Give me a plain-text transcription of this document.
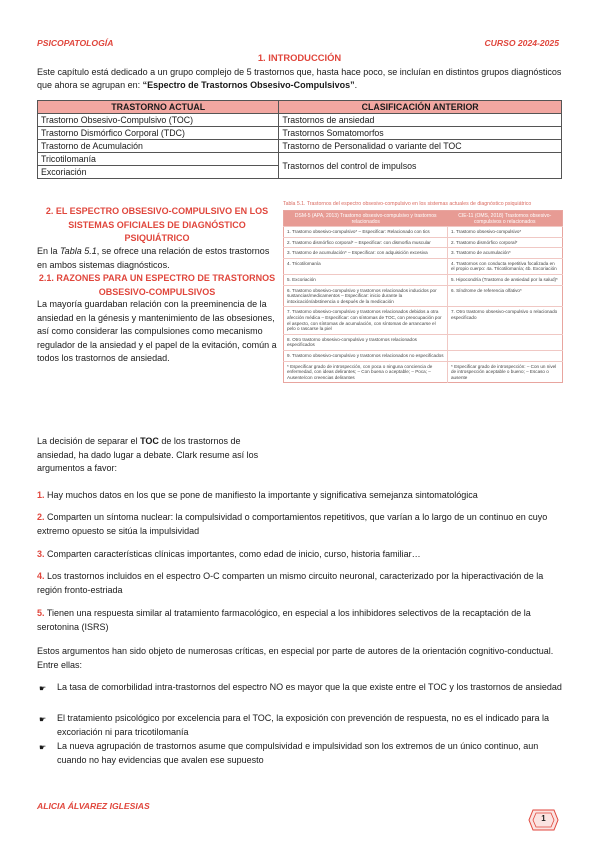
PSICOPATOLOGÍA	CURSO 2024-2025
1. INTRODUCCIÓN

Este capítulo está dedicado a un grupo complejo de 5 trastornos que, hasta hace poco, se incluían en distintos grupos diagnósticos que ahora se agrupan en: “Espectro de Trastornos Obsesivo-Compulsivos”.

TRASTORNO ACTUAL	CLASIFICACIÓN ANTERIOR
Trastorno Obsesivo-Compulsivo (TOC)	Trastornos de ansiedad
Trastorno Dismórfico Corporal (TDC)	Trastornos Somatomorfos
Trastorno de Acumulación	Trastorno de Personalidad o variante del TOC
Tricotilomanía	Trastornos del control de impulsos
Excoriación	
2. EL ESPECTRO OBSESIVO-COMPULSIVO EN LOS SISTEMAS OFICIALES DE DIAGNÓSTICO PSIQUIÁTRICO

En la Tabla 5.1, se ofrece una relación de estos trastornos en ambos sistemas diagnósticos.

2.1. RAZONES PARA UN ESPECTRO DE TRASTORNOS OBSESIVO-COMPULSIVOS

La mayoría guardaban relación con la preeminencia de la ansiedad en la génesis y mantenimiento de las obsesiones, así como considerar las compulsiones como mecanismo regulador de la ansiedad y el papel de la evitación, común a todos los trastornos de ansiedad.

La decisión de separar el TOC de los trastornos de ansiedad, ha dado lugar a debate. Clark resume así los argumentos a favor:

Tabla 5.1. Trastornos del espectro obsesivo-compulsivo en los sistemas actuales de diagnóstico psiquiátrico
DSM-5 (APA, 2013) Trastorno obsesivo-compulsivo y trastornos relacionados	CIE-11 (OMS, 2018) Trastornos obsesivo-compulsivos o relacionados
1. Trastorno obsesivo-compulsivo* – Especificar: Relacionado con tics	1. Trastorno obsesivo-compulsivo*
2. Trastorno dismórfico corporal* – Especificar: con dismorfia muscular	2. Trastorno dismórfico corporal*
3. Trastorno de acumulación* – Especificar: con adquisición excesiva	3. Trastorno de acumulación*
4. Tricotilomanía	4. Trastornos con conducta repetitiva focalizada en el propio cuerpo: 4a. Tricotilomanía; 4b. Excoriación
5. Excoriación	5. Hipocondría (Trastorno de ansiedad por la salud)*
6. Trastorno obsesivo-compulsivo y trastornos relacionados inducidos por sustancias/medicamentos – Especificar: inicio durante la intoxicación/abstinencia o después de la medicación	6. Síndrome de referencia olfativo*
7. Trastorno obsesivo-compulsivo y trastornos relacionados debidos a otra afección médica – Especificar: con síntomas de TOC, con preocupación por el aspecto, con síntomas de acumulación, con síntomas de arrancarse el pelo o rascarse la piel	7. Otro trastorno obsesivo-compulsivo o relacionado especificado
8. Otro trastorno obsesivo-compulsivo y trastornos relacionados especificados	
9. Trastorno obsesivo-compulsivo y trastornos relacionados no especificados	
* Especificar grado de introspección, con poca o ninguna conciencia de enfermedad, con ideas delirantes; – Con buena o aceptable; – Poca; – Ausente/con creencias delirantes	* Especificar grado de introspección: – Con un nivel de introspección aceptable o bueno; – Escaso o ausente

1. Hay muchos datos en los que se pone de manifiesto la importante y significativa semejanza sintomatológica

2. Comparten un síntoma nuclear: la compulsividad o comportamientos repetitivos, que varían a lo largo de un continuo en cuyo extremo opuesto se sitúa la impulsividad

3. Comparten características clínicas importantes, como edad de inicio, curso, historia familiar…

4. Los trastornos incluidos en el espectro O-C comparten un mismo circuito neuronal, caracterizado por la hiperactivación de la región fronto-estriada

5. Tienen una respuesta similar al tratamiento farmacológico, en especial a los inhibidores selectivos de la recaptación de la serotonina (ISRS)

Estos argumentos han sido objeto de numerosas críticas, en especial por parte de autores de la orientación cognitivo-conductual. Entre ellas:

☛ La tasa de comorbilidad intra-trastornos del espectro NO es mayor que la que existe entre el TOC y los trastornos de ansiedad
☛ El tratamiento psicológico por excelencia para el TOC, la exposición con prevención de respuesta, no es el indicado para la excoriación ni para tricotilomanía
☛ La nueva agrupación de trastornos asume que compulsividad e impulsividad son los extremos de un único continuo, aun cuando no hay evidencias que avalen ese supuesto
ALICIA ÁLVAREZ IGLESIAS
1
